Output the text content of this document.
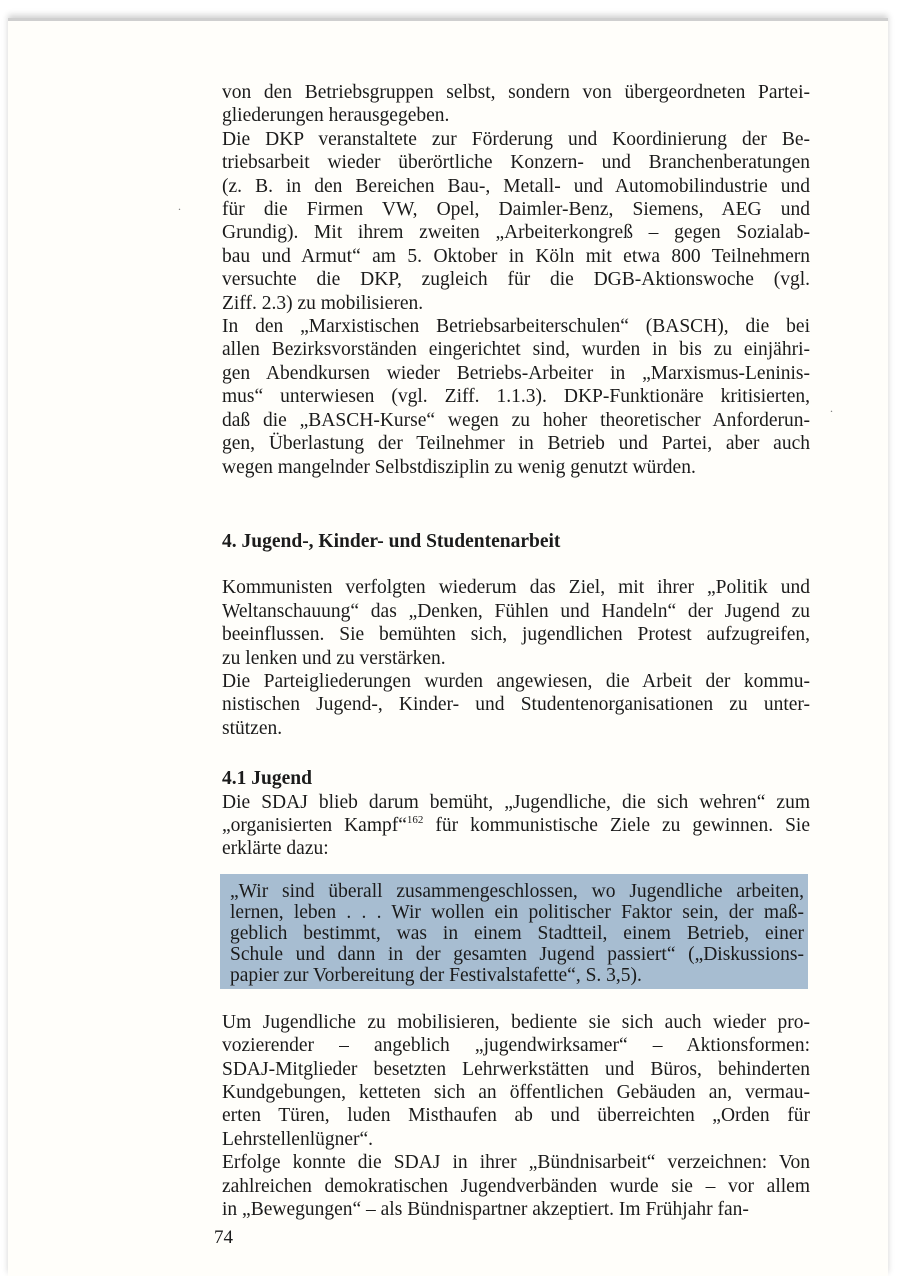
.
.
von den Betriebsgruppen selbst, sondern von übergeordneten Partei-
gliederungen herausgegeben.
Die DKP veranstaltete zur Förderung und Koordinierung der Be-
triebsarbeit wieder überörtliche Konzern- und Branchenberatungen
(z. B. in den Bereichen Bau-, Metall- und Automobilindustrie und
für die Firmen VW, Opel, Daimler-Benz, Siemens, AEG und
Grundig). Mit ihrem zweiten „Arbeiterkongreß – gegen Sozialab-
bau und Armut“ am 5. Oktober in Köln mit etwa 800 Teilnehmern
versuchte die DKP, zugleich für die DGB-Aktionswoche (vgl.
Ziff. 2.3) zu mobilisieren.
In den „Marxistischen Betriebsarbeiterschulen“ (BASCH), die bei
allen Bezirksvorständen eingerichtet sind, wurden in bis zu einjähri-
gen Abendkursen wieder Betriebs-Arbeiter in „Marxismus-Leninis-
mus“ unterwiesen (vgl. Ziff. 1.1.3). DKP-Funktionäre kritisierten,
daß die „BASCH-Kurse“ wegen zu hoher theoretischer Anforderun-
gen, Überlastung der Teilnehmer in Betrieb und Partei, aber auch
wegen mangelnder Selbstdisziplin zu wenig genutzt würden.
4. Jugend-, Kinder- und Studentenarbeit
Kommunisten verfolgten wiederum das Ziel, mit ihrer „Politik und
Weltanschauung“ das „Denken, Fühlen und Handeln“ der Jugend zu
beeinflussen. Sie bemühten sich, jugendlichen Protest aufzugreifen,
zu lenken und zu verstärken.
Die Parteigliederungen wurden angewiesen, die Arbeit der kommu-
nistischen Jugend-, Kinder- und Studentenorganisationen zu unter-
stützen.
4.1 Jugend
Die SDAJ blieb darum bemüht, „Jugendliche, die sich wehren“ zum
„organisierten Kampf“$^{162}$ für kommunistische Ziele zu gewinnen. Sie
erklärte dazu:
„Wir sind überall zusammengeschlossen, wo Jugendliche arbeiten,
lernen, leben . . . Wir wollen ein politischer Faktor sein, der maß-
geblich bestimmt, was in einem Stadtteil, einem Betrieb, einer
Schule und dann in der gesamten Jugend passiert“ („Diskussions-
papier zur Vorbereitung der Festivalstafette“, S. 3,5).
Um Jugendliche zu mobilisieren, bediente sie sich auch wieder pro-
vozierender – angeblich „jugendwirksamer“ – Aktionsformen:
SDAJ-Mitglieder besetzten Lehrwerkstätten und Büros, behinderten
Kundgebungen, ketteten sich an öffentlichen Gebäuden an, vermau-
erten Türen, luden Misthaufen ab und überreichten „Orden für
Lehrstellenlügner“.
Erfolge konnte die SDAJ in ihrer „Bündnisarbeit“ verzeichnen: Von
zahlreichen demokratischen Jugendverbänden wurde sie – vor allem
in „Bewegungen“ – als Bündnispartner akzeptiert. Im Frühjahr fan-
74
